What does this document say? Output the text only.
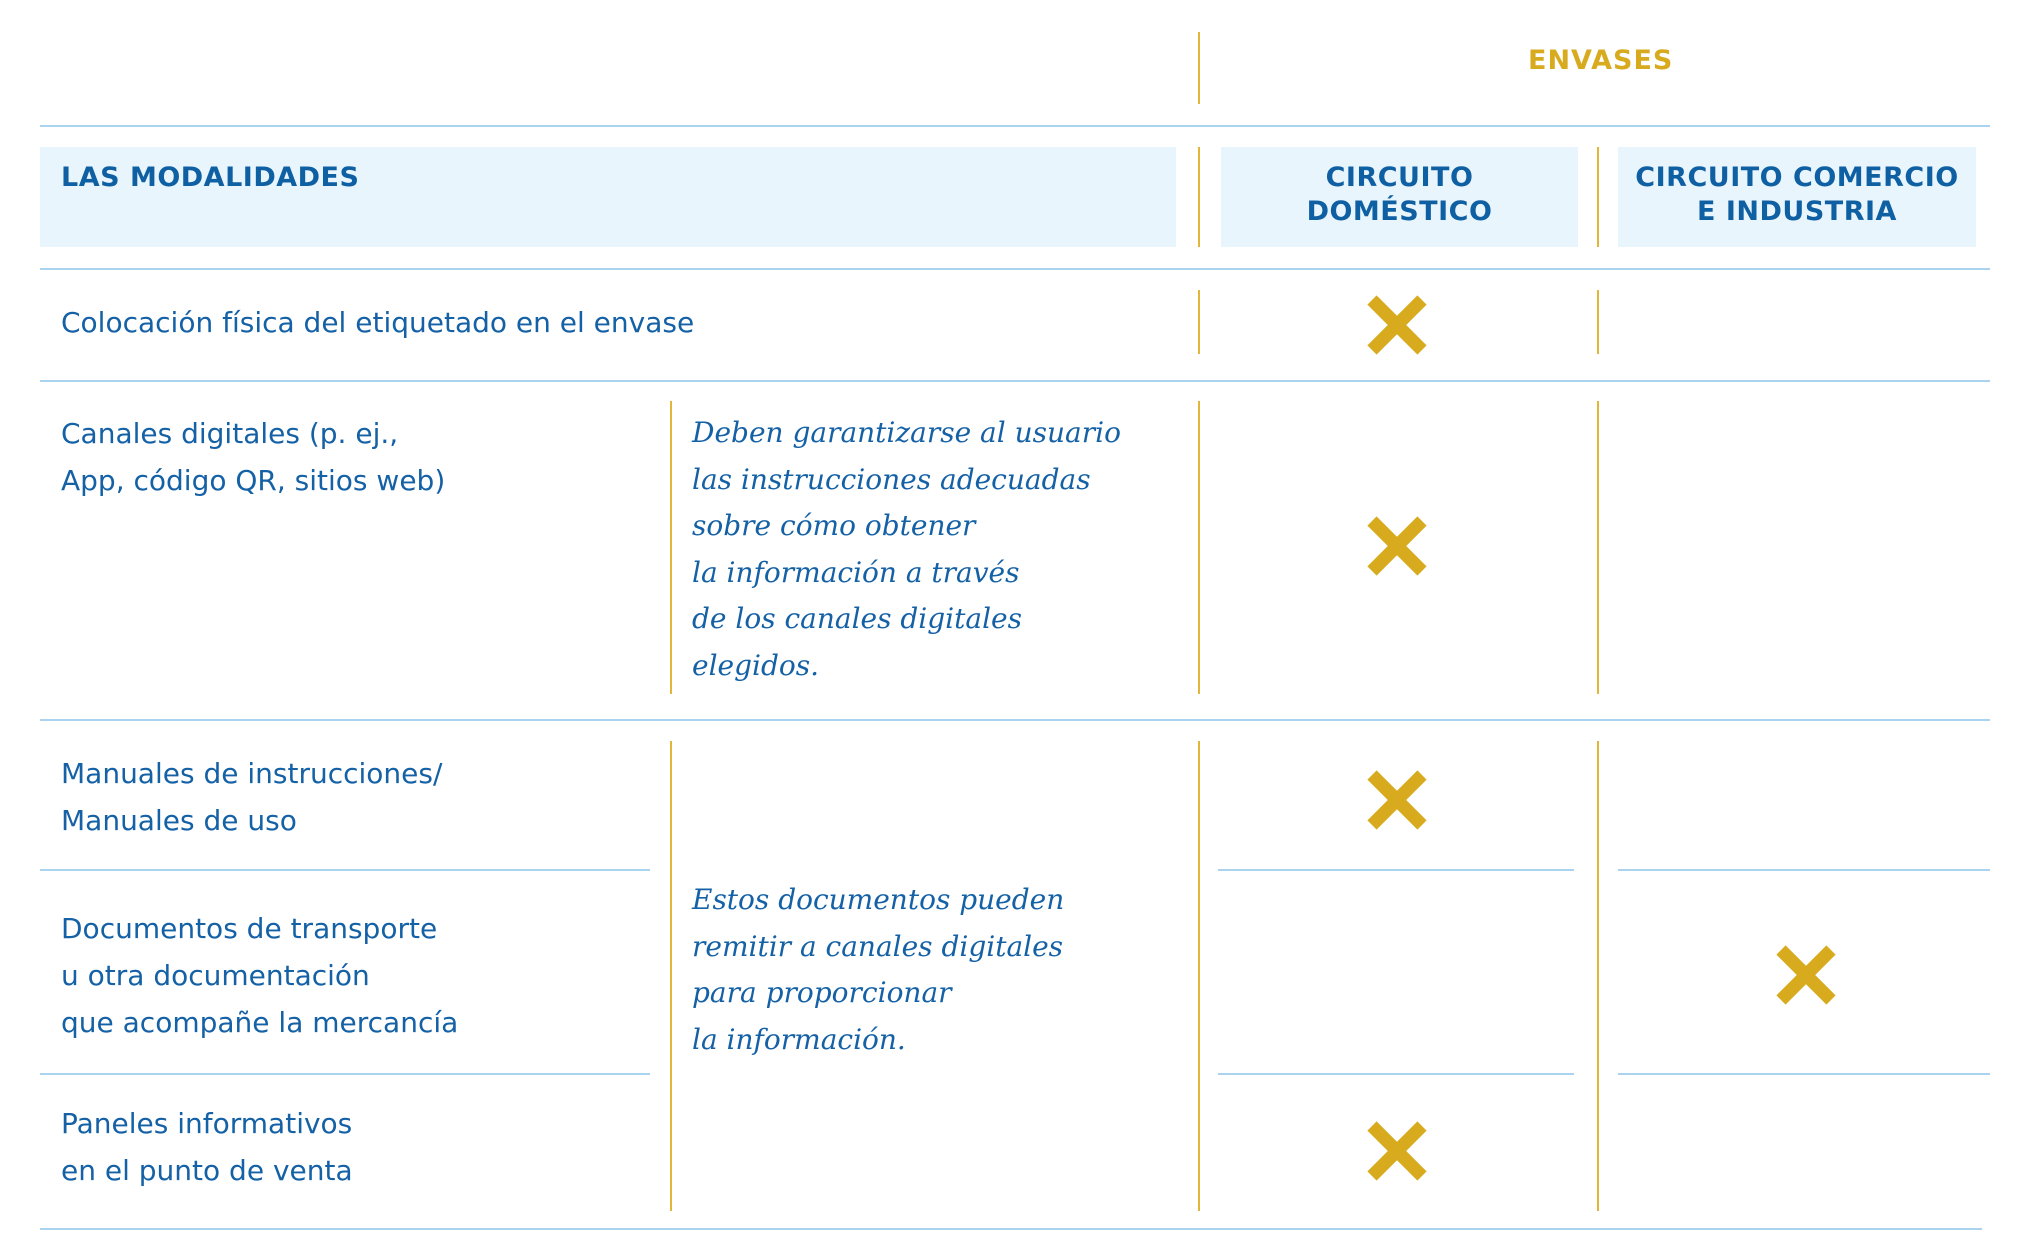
ENVASES
LAS MODALIDADES	CIRCUITO
DOMÉSTICO
CIRCUITO COMERCIO
E INDUSTRIA
Colocación física del etiquetado en el envase
Canales digitales (p. ej.,
App, código QR, sitios web)
Deben garantizarse al usuario
las instrucciones adecuadas
sobre cómo obtener
la información a través
de los canales digitales
elegidos.
Estos documentos pueden
remitir a canales digitales
para proporcionar
la información.
Manuales de instrucciones/
Manuales de uso
Documentos de transporte
u otra documentación
que acompañe la mercancía
Paneles informativos
en el punto de venta
